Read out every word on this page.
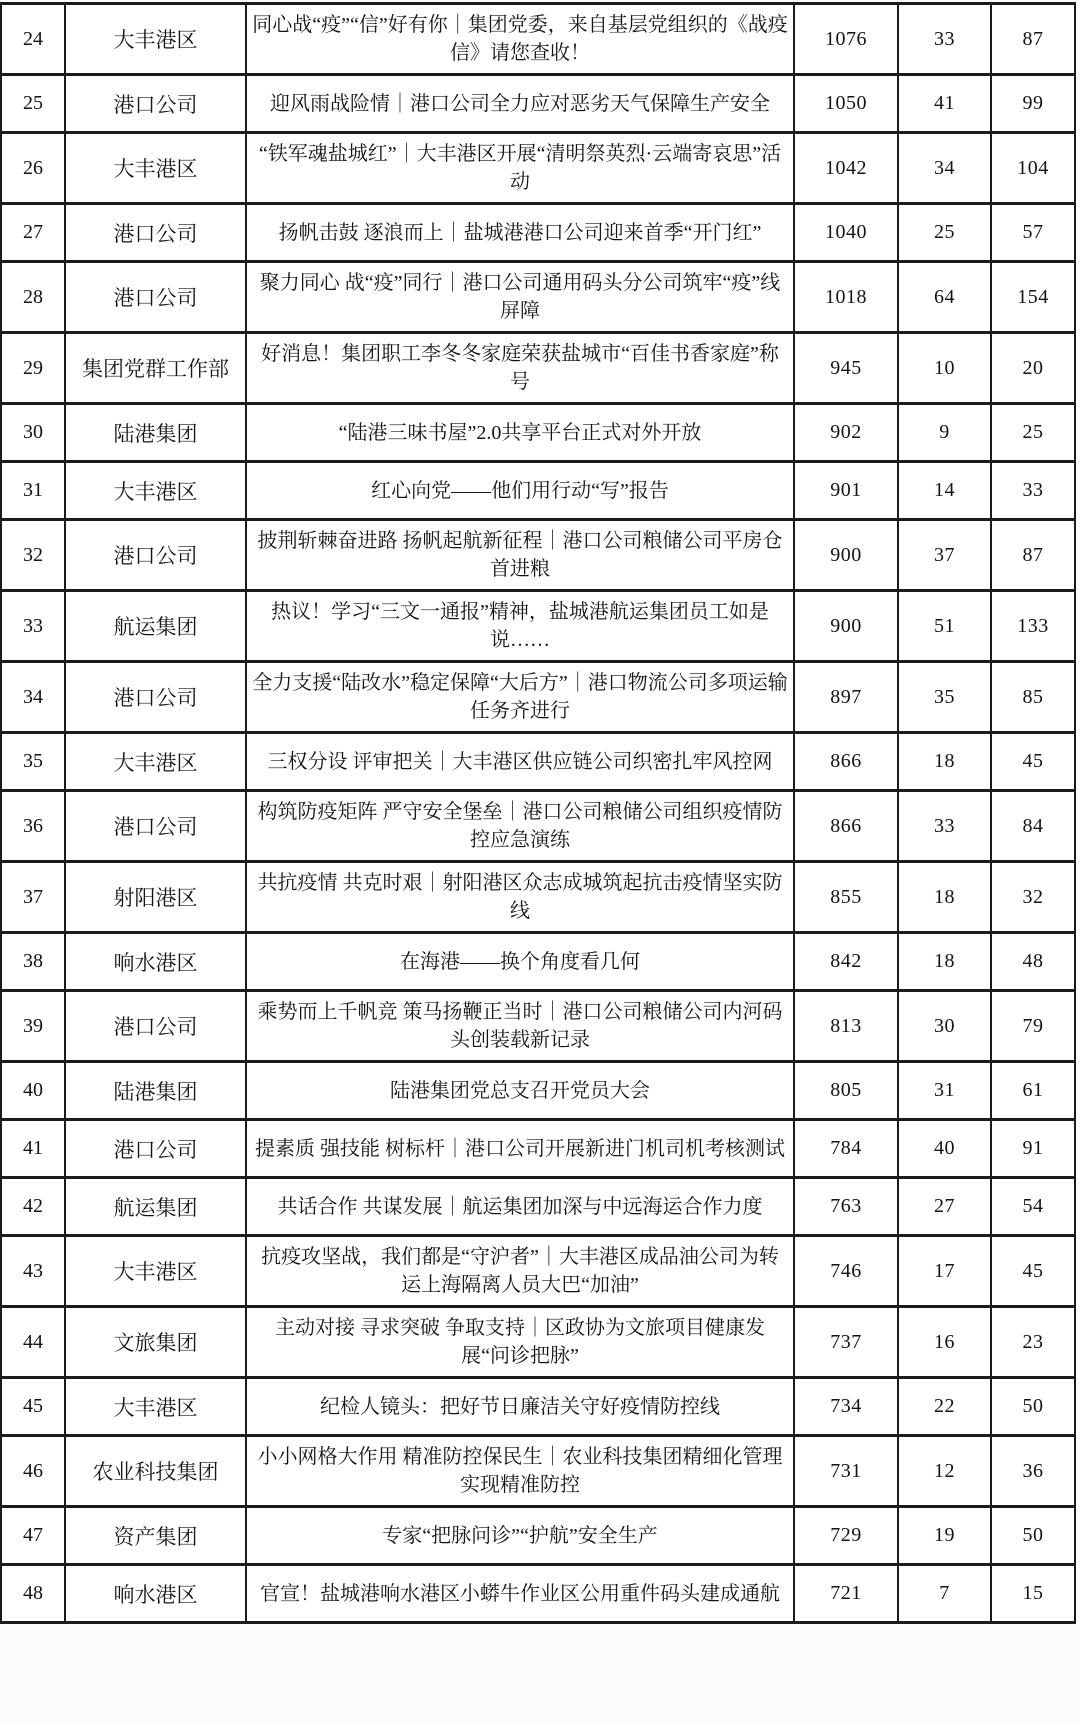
24	大丰港区	同心战“疫”“信”好有你｜集团党委，来自基层党组织的《战疫信》请您查收！	1076	33	87
25	港口公司	迎风雨战险情｜港口公司全力应对恶劣天气保障生产安全	1050	41	99
26	大丰港区	“铁军魂盐城红”｜大丰港区开展“清明祭英烈·云端寄哀思”活动	1042	34	104
27	港口公司	扬帆击鼓 逐浪而上｜盐城港港口公司迎来首季“开门红”	1040	25	57
28	港口公司	聚力同心 战“疫”同行｜港口公司通用码头分公司筑牢“疫”线屏障	1018	64	154
29	集团党群工作部	好消息！集团职工李冬冬家庭荣获盐城市“百佳书香家庭”称号	945	10	20
30	陆港集团	“陆港三味书屋”2.0共享平台正式对外开放	902	9	25
31	大丰港区	红心向党——他们用行动“写”报告	901	14	33
32	港口公司	披荆斩棘奋进路 扬帆起航新征程｜港口公司粮储公司平房仓首进粮	900	37	87
33	航运集团	热议！学习“三文一通报”精神，盐城港航运集团员工如是说……	900	51	133
34	港口公司	全力支援“陆改水”稳定保障“大后方”｜港口物流公司多项运输任务齐进行	897	35	85
35	大丰港区	三权分设 评审把关｜大丰港区供应链公司织密扎牢风控网	866	18	45
36	港口公司	构筑防疫矩阵 严守安全堡垒｜港口公司粮储公司组织疫情防控应急演练	866	33	84
37	射阳港区	共抗疫情 共克时艰｜射阳港区众志成城筑起抗击疫情坚实防线	855	18	32
38	响水港区	在海港——换个角度看几何	842	18	48
39	港口公司	乘势而上千帆竞 策马扬鞭正当时｜港口公司粮储公司内河码头创装载新记录	813	30	79
40	陆港集团	陆港集团党总支召开党员大会	805	31	61
41	港口公司	提素质 强技能 树标杆｜港口公司开展新进门机司机考核测试	784	40	91
42	航运集团	共话合作 共谋发展｜航运集团加深与中远海运合作力度	763	27	54
43	大丰港区	抗疫攻坚战，我们都是“守沪者”｜大丰港区成品油公司为转运上海隔离人员大巴“加油”	746	17	45
44	文旅集团	主动对接 寻求突破 争取支持｜区政协为文旅项目健康发展“问诊把脉”	737	16	23
45	大丰港区	纪检人镜头：把好节日廉洁关守好疫情防控线	734	22	50
46	农业科技集团	小小网格大作用 精准防控保民生｜农业科技集团精细化管理实现精准防控	731	12	36
47	资产集团	专家“把脉问诊”“护航”安全生产	729	19	50
48	响水港区	官宣！盐城港响水港区小蟒牛作业区公用重件码头建成通航	721	7	15
